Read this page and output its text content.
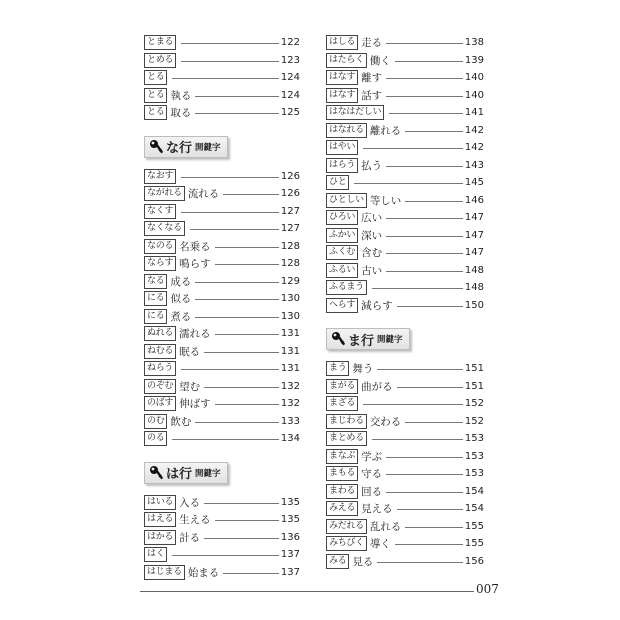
とまる	122
とめる	123
とる	124
とる 執る	124
とる 取る	125
な行 開鍵字
なおす	126
ながれる 流れる	126
なくす	127
なくなる	127
なのる 名乗る	128
ならす 鳴らす	128
なる 成る	129
にる 似る	130
にる 煮る	130
ぬれる 濡れる	131
ねむる 眠る	131
ねらう	131
のぞむ 望む	132
のばす 伸ばす	132
のむ 飲む	133
のる	134
は行 開鍵字
はいる 入る	135
はえる 生える	135
はかる 計る	136
はく	137
はじまる 始まる	137
はしる 走る	138
はたらく 働く	139
はなす 離す	140
はなす 話す	140
はなはだしい	141
はなれる 離れる	142
はやい	142
はらう 払う	143
ひと	145
ひとしい 等しい	146
ひろい 広い	147
ふかい 深い	147
ふくむ 含む	147
ふるい 古い	148
ふるまう	148
へらす 減らす	150
ま行 開鍵字
まう 舞う	151
まがる 曲がる	151
まざる	152
まじわる 交わる	152
まとめる	153
まなぶ 学ぶ	153
まもる 守る	153
まわる 回る	154
みえる 見える	154
みだれる 乱れる	155
みちびく 導く	155
みる 見る	156
007
